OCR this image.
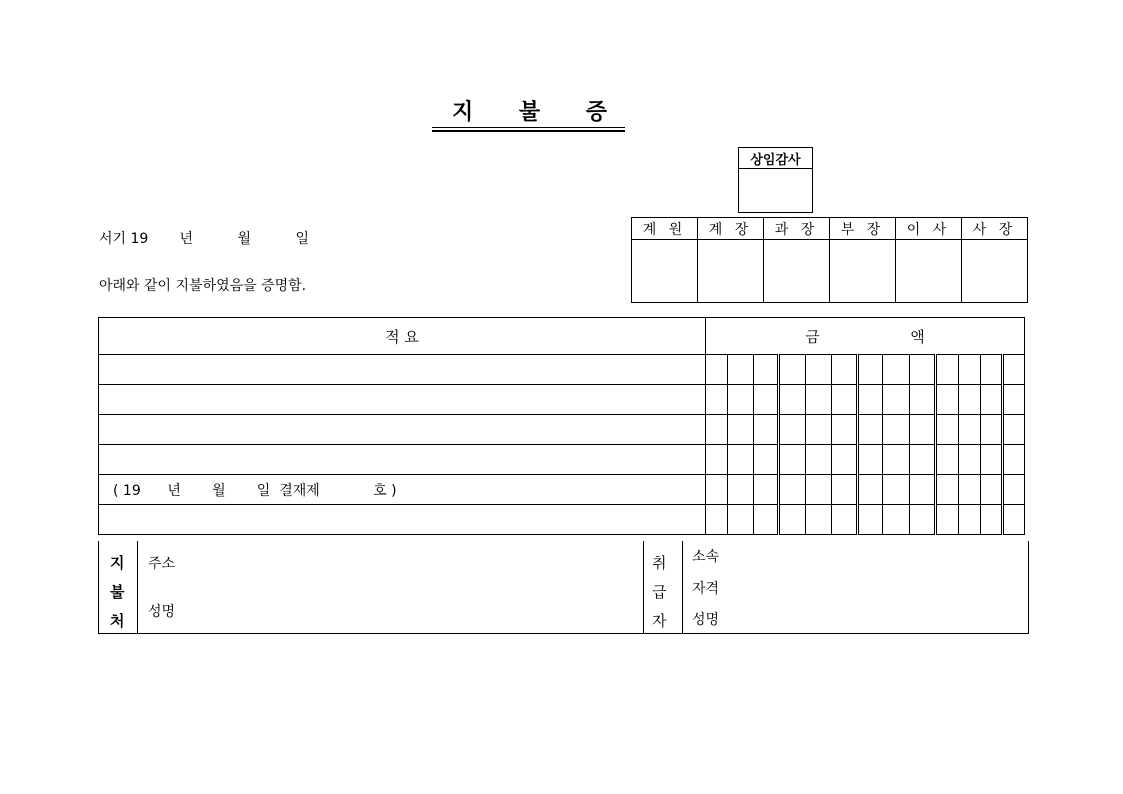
지 불 증
상임감사
계 원	계 장	과 장	부 장	이 사	사 장

서기 19       년          월          일
아래와 같이 지불하였음을 증명함.
적 요	금                   액												

( 19      년       월       일  결재제            호 )													

지
불
처
주소
성명
취
급
자
소속
자격
성명
